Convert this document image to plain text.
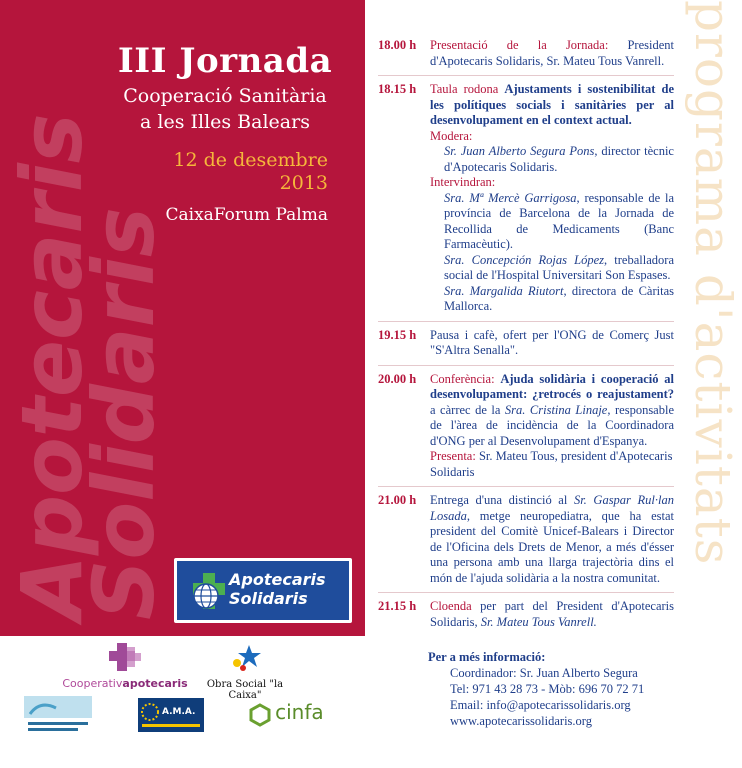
Apotecaris
Solidaris
III Jornada
Cooperació Sanitària
a les Illes Balears
12 de desembre
2013
CaixaForum Palma
Apotecaris
Solidaris
Cooperativapotecaris	Obra Social "la Caixa"
A.M.A.	cinfa
programa d'activitats
18.00 h	Presentació de la Jornada: President d'Apotecaris Solidaris, Sr. Mateu Tous Vanrell.
18.15 h	Taula rodona Ajustaments i sostenibilitat de les polítiques socials i sanitàries per al desenvolupament en el context actual.
Modera:
Sr. Juan Alberto Segura Pons, director tècnic d'Apotecaris Solidaris.
Intervindran:
Sra. Mª Mercè Garrigosa, responsable de la província de Barcelona de la Jornada de Recollida de Medicaments (Banc Farmacèutic).
Sra. Concepción Rojas López, treballadora social de l'Hospital Universitari Son Espases.
Sra. Margalida Riutort, directora de Càritas Mallorca.
19.15 h	Pausa i cafè, ofert per l'ONG de Comerç Just "S'Altra Senalla".
20.00 h	Conferència: Ajuda solidària i cooperació al desenvolupament: ¿retrocés o reajustament? a càrrec de la Sra. Cristina Linaje, responsable de l'àrea de incidència de la Coordinadora d'ONG per al Desenvolupament d'Espanya.
Presenta: Sr. Mateu Tous, president d'Apotecaris Solidaris
21.00 h	Entrega d'una distinció al Sr. Gaspar Rul·lan Losada, metge neuropediatra, que ha estat president del Comitè Unicef-Balears i Director de l'Oficina dels Drets de Menor, a més d'ésser una persona amb una llarga trajectòria dins el món de l'ajuda solidària a la nostra comunitat.
21.15 h	Cloenda per part del President d'Apotecaris Solidaris, Sr. Mateu Tous Vanrell.
Per a més informació:
Coordinador: Sr. Juan Alberto Segura
Tel: 971 43 28 73 - Mòb: 696 70 72 71
Email: info@apotecarissolidaris.org
www.apotecarissolidaris.org
